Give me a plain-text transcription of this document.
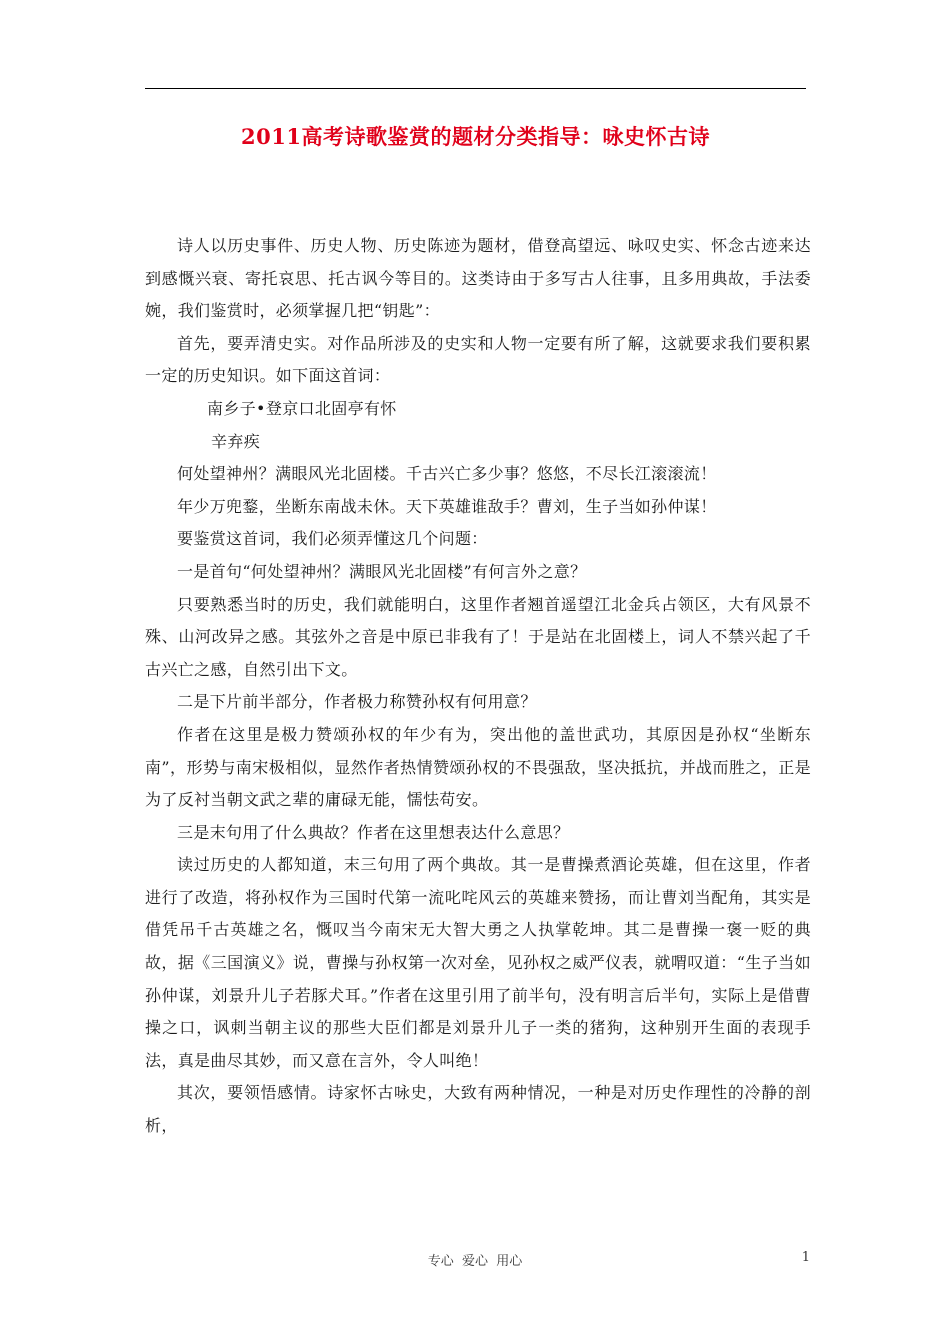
2011高考诗歌鉴赏的题材分类指导：咏史怀古诗

诗人以历史事件、历史人物、历史陈迹为题材，借登高望远、咏叹史实、怀念古迹来达到感慨兴衰、寄托哀思、托古讽今等目的。这类诗由于多写古人往事，且多用典故，手法委婉，我们鉴赏时，必须掌握几把“钥匙”：

首先，要弄清史实。对作品所涉及的史实和人物一定要有所了解，这就要求我们要积累一定的历史知识。如下面这首词：

南乡子•登京口北固亭有怀

辛弃疾

何处望神州？满眼风光北固楼。千古兴亡多少事？悠悠，不尽长江滚滚流！

年少万兜鍪，坐断东南战未休。天下英雄谁敌手？曹刘，生子当如孙仲谋！

要鉴赏这首词，我们必须弄懂这几个问题：

一是首句“何处望神州？满眼风光北固楼”有何言外之意？

只要熟悉当时的历史，我们就能明白，这里作者翘首遥望江北金兵占领区，大有风景不殊、山河改异之感。其弦外之音是中原已非我有了！于是站在北固楼上，词人不禁兴起了千古兴亡之感，自然引出下文。

二是下片前半部分，作者极力称赞孙权有何用意？

作者在这里是极力赞颂孙权的年少有为，突出他的盖世武功，其原因是孙权“坐断东南”，形势与南宋极相似，显然作者热情赞颂孙权的不畏强敌，坚决抵抗，并战而胜之，正是为了反衬当朝文武之辈的庸碌无能，懦怯苟安。

三是末句用了什么典故？作者在这里想表达什么意思？

读过历史的人都知道，末三句用了两个典故。其一是曹操煮酒论英雄，但在这里，作者进行了改造，将孙权作为三国时代第一流叱咤风云的英雄来赞扬，而让曹刘当配角，其实是借凭吊千古英雄之名，慨叹当今南宋无大智大勇之人执掌乾坤。其二是曹操一褒一贬的典故，据《三国演义》说，曹操与孙权第一次对垒，见孙权之威严仪表，就喟叹道：“生子当如孙仲谋，刘景升儿子若豚犬耳。”作者在这里引用了前半句，没有明言后半句，实际上是借曹操之口，讽刺当朝主议的那些大臣们都是刘景升儿子一类的猪狗，这种别开生面的表现手法，真是曲尽其妙，而又意在言外，令人叫绝！

其次，要领悟感情。诗家怀古咏史，大致有两种情况，一种是对历史作理性的冷静的剖析，

专心  爱心  用心	1
